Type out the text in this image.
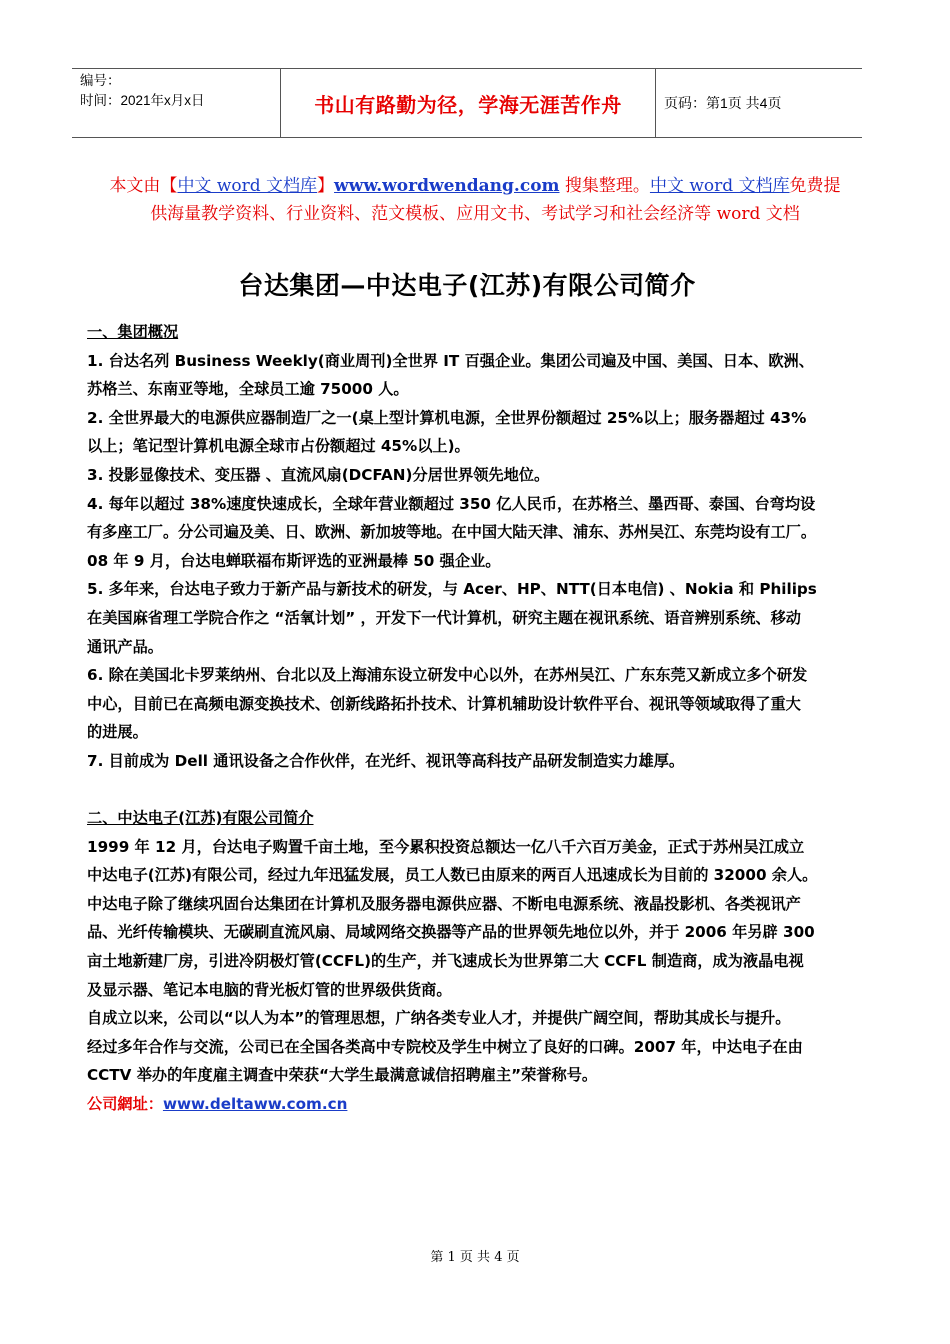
编号：
时间：2021年x月x日	书山有路勤为径，学海无涯苦作舟	页码：第1页 共4页
本文由【中文 word 文档库】www.wordwendang.com 搜集整理。中文 word 文档库免费提
供海量教学资料、行业资料、范文模板、应用文书、考试学习和社会经济等 word 文档
台达集团—中达电子(江苏)有限公司简介

一、集团概况

1. 台达名列 Business Weekly(商业周刊)全世界 IT 百强企业。集团公司遍及中国、美国、日本、欧洲、

苏格兰、东南亚等地，全球员工逾 75000 人。

2. 全世界最大的电源供应器制造厂之一(桌上型计算机电源，全世界份额超过 25%以上；服务器超过 43%

以上；笔记型计算机电源全球市占份额超过 45%以上)。

3. 投影显像技术、变压器 、直流风扇(DCFAN)分居世界领先地位。

4. 每年以超过 38%速度快速成长，全球年营业额超过 350 亿人民币，在苏格兰、墨西哥、泰国、台弯均设

有多座工厂。分公司遍及美、日、欧洲、新加坡等地。在中国大陆天津、浦东、苏州吴江、东莞均设有工厂。

08 年 9 月，台达电蝉联福布斯评选的亚洲最棒 50 强企业。

5. 多年来，台达电子致力于新产品与新技术的研发，与 Acer、HP、NTT(日本电信) 、Nokia 和 Philips

在美国麻省理工学院合作之 “活氧计划” ，开发下一代计算机，研究主题在视讯系统、语音辨别系统、移动

通讯产品。

6. 除在美国北卡罗莱纳州、台北以及上海浦东设立研发中心以外，在苏州吴江、广东东莞又新成立多个研发

中心，目前已在高频电源变换技术、创新线路拓扑技术、计算机辅助设计软件平台、视讯等领域取得了重大

的进展。

7. 目前成为 Dell 通讯设备之合作伙伴，在光纤、视讯等高科技产品研发制造实力雄厚。

二、中达电子(江苏)有限公司简介

1999 年 12 月，台达电子购置千亩土地，至今累积投资总额达一亿八千六百万美金，正式于苏州吴江成立

中达电子(江苏)有限公司，经过九年迅猛发展，员工人数已由原来的两百人迅速成长为目前的 32000 余人。

中达电子除了继续巩固台达集团在计算机及服务器电源供应器、不断电电源系统、液晶投影机、各类视讯产

品、光纤传输模块、无碳刷直流风扇、局域网络交换器等产品的世界领先地位以外，并于 2006 年另辟 300

亩土地新建厂房，引进冷阴极灯管(CCFL)的生产，并飞速成长为世界第二大 CCFL 制造商，成为液晶电视

及显示器、笔记本电脑的背光板灯管的世界级供货商。

自成立以来，公司以“以人为本”的管理思想，广纳各类专业人才，并提供广阔空间，帮助其成长与提升。

经过多年合作与交流，公司已在全国各类高中专院校及学生中树立了良好的口碑。2007 年，中达电子在由

CCTV 举办的年度雇主调查中荣获“大学生最满意诚信招聘雇主”荣誉称号。

公司網址：www.deltaww.com.cn

第 1 页 共 4 页
